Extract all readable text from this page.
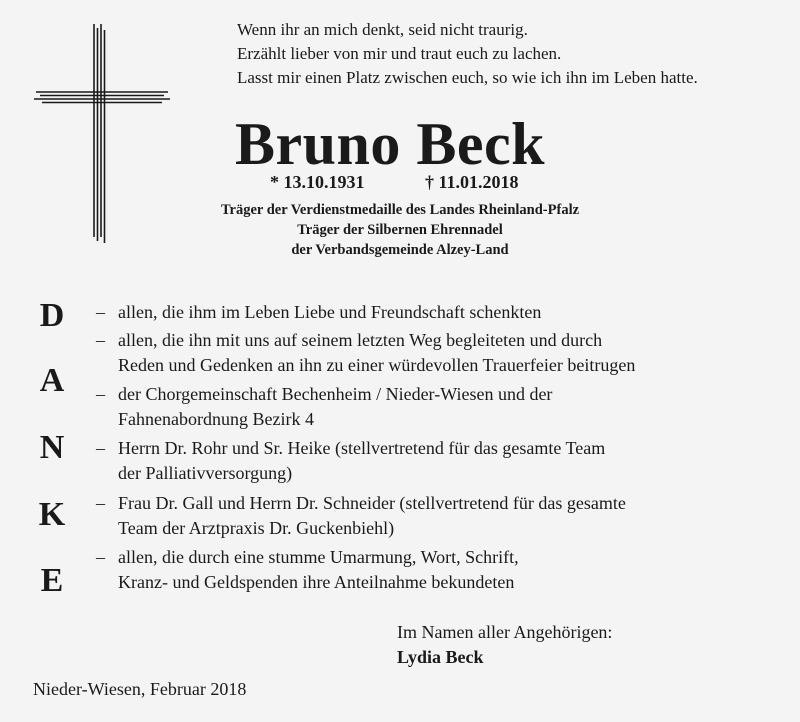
Wenn ihr an mich denkt, seid nicht traurig.
Erzählt lieber von mir und traut euch zu lachen.
Lasst mir einen Platz zwischen euch, so wie ich ihn im Leben hatte.
Bruno Beck
* 13.10.1931	† 11.01.2018
Träger der Verdienstmedaille des Landes Rheinland-Pfalz
Träger der Silbernen Ehrennadel
der Verbandsgemeinde Alzey-Land
D
A
N
K
E
– allen, die ihm im Leben Liebe und Freundschaft schenkten
– allen, die ihn mit uns auf seinem letzten Weg begleiteten und durch
Reden und Gedenken an ihn zu einer würdevollen Trauerfeier beitrugen
– der Chorgemeinschaft Bechenheim / Nieder-Wiesen und der
Fahnenabordnung Bezirk 4
– Herrn Dr. Rohr und Sr. Heike (stellvertretend für das gesamte Team
der Palliativversorgung)
– Frau Dr. Gall und Herrn Dr. Schneider (stellvertretend für das gesamte
Team der Arztpraxis Dr. Guckenbiehl)
– allen, die durch eine stumme Umarmung, Wort, Schrift,
Kranz- und Geldspenden ihre Anteilnahme bekundeten
Im Namen aller Angehörigen:
Lydia Beck
Nieder-Wiesen, Februar 2018
